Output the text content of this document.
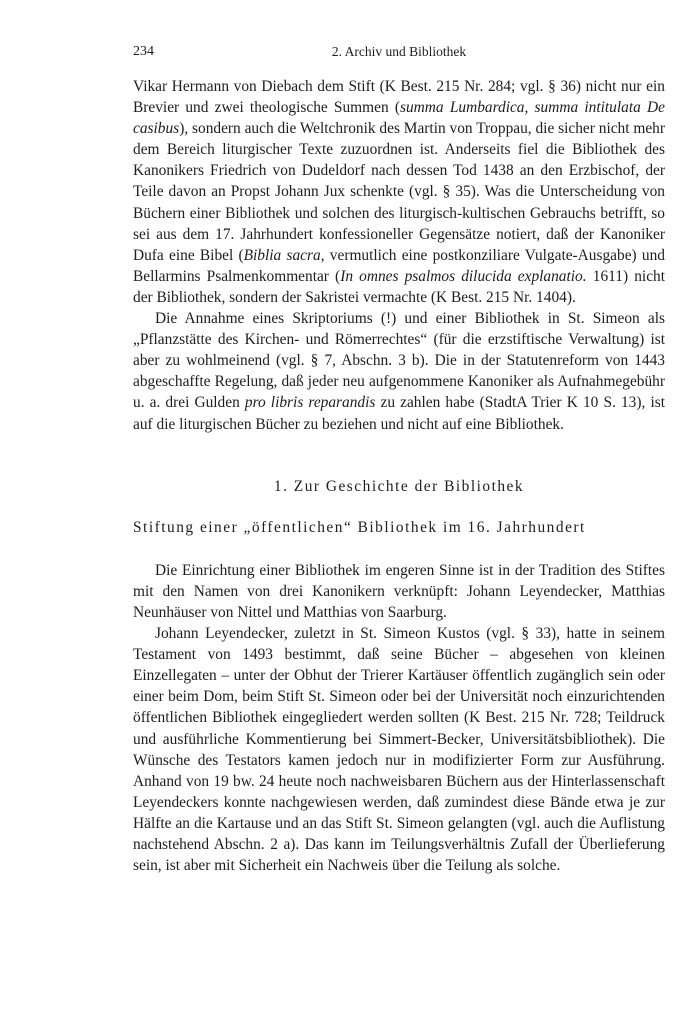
234	2. Archiv und Bibliothek

Vikar Hermann von Diebach dem Stift (K Best. 215 Nr. 284; vgl. § 36) nicht nur ein Brevier und zwei theologische Summen (summa Lumbardica, summa intitulata De casibus), sondern auch die Weltchronik des Martin von Troppau, die sicher nicht mehr dem Bereich liturgischer Texte zuzuordnen ist. Anderseits fiel die Bibliothek des Kanonikers Friedrich von Dudeldorf nach dessen Tod 1438 an den Erzbischof, der Teile davon an Propst Johann Jux schenkte (vgl. § 35). Was die Unterscheidung von Büchern einer Bibliothek und solchen des liturgisch-kultischen Gebrauchs betrifft, so sei aus dem 17. Jahrhundert konfessioneller Gegensätze notiert, daß der Kanoniker Dufa eine Bibel (Biblia sacra, vermutlich eine postkonziliare Vulgate-Ausgabe) und Bellarmins Psalmenkommentar (In omnes psalmos dilucida explanatio. 1611) nicht der Bibliothek, sondern der Sakristei vermachte (K Best. 215 Nr. 1404).

Die Annahme eines Skriptoriums (!) und einer Bibliothek in St. Simeon als „Pflanzstätte des Kirchen- und Römerrechtes“ (für die erzstiftische Verwaltung) ist aber zu wohlmeinend (vgl. § 7, Abschn. 3 b). Die in der Statutenreform von 1443 abgeschaffte Regelung, daß jeder neu aufgenommene Kanoniker als Aufnahmegebühr u. a. drei Gulden pro libris reparandis zu zahlen habe (StadtA Trier K 10 S. 13), ist auf die liturgischen Bücher zu beziehen und nicht auf eine Bibliothek.

1. Zur Geschichte der Bibliothek
Stiftung einer „öffentlichen“ Bibliothek im 16. Jahrhundert

Die Einrichtung einer Bibliothek im engeren Sinne ist in der Tradition des Stiftes mit den Namen von drei Kanonikern verknüpft: Johann Leyendecker, Matthias Neunhäuser von Nittel und Matthias von Saarburg.

Johann Leyendecker, zuletzt in St. Simeon Kustos (vgl. § 33), hatte in seinem Testament von 1493 bestimmt, daß seine Bücher – abgesehen von kleinen Einzellegaten – unter der Obhut der Trierer Kartäuser öffentlich zugänglich sein oder einer beim Dom, beim Stift St. Simeon oder bei der Universität noch einzurichtenden öffentlichen Bibliothek eingegliedert werden sollten (K Best. 215 Nr. 728; Teildruck und ausführliche Kommentierung bei Simmert-Becker, Universitätsbibliothek). Die Wünsche des Testators kamen jedoch nur in modifizierter Form zur Ausführung. Anhand von 19 bw. 24 heute noch nachweisbaren Büchern aus der Hinterlassenschaft Leyendeckers konnte nachgewiesen werden, daß zumindest diese Bände etwa je zur Hälfte an die Kartause und an das Stift St. Simeon gelangten (vgl. auch die Auflistung nachstehend Abschn. 2 a). Das kann im Teilungsverhältnis Zufall der Überlieferung sein, ist aber mit Sicherheit ein Nachweis über die Teilung als solche.
